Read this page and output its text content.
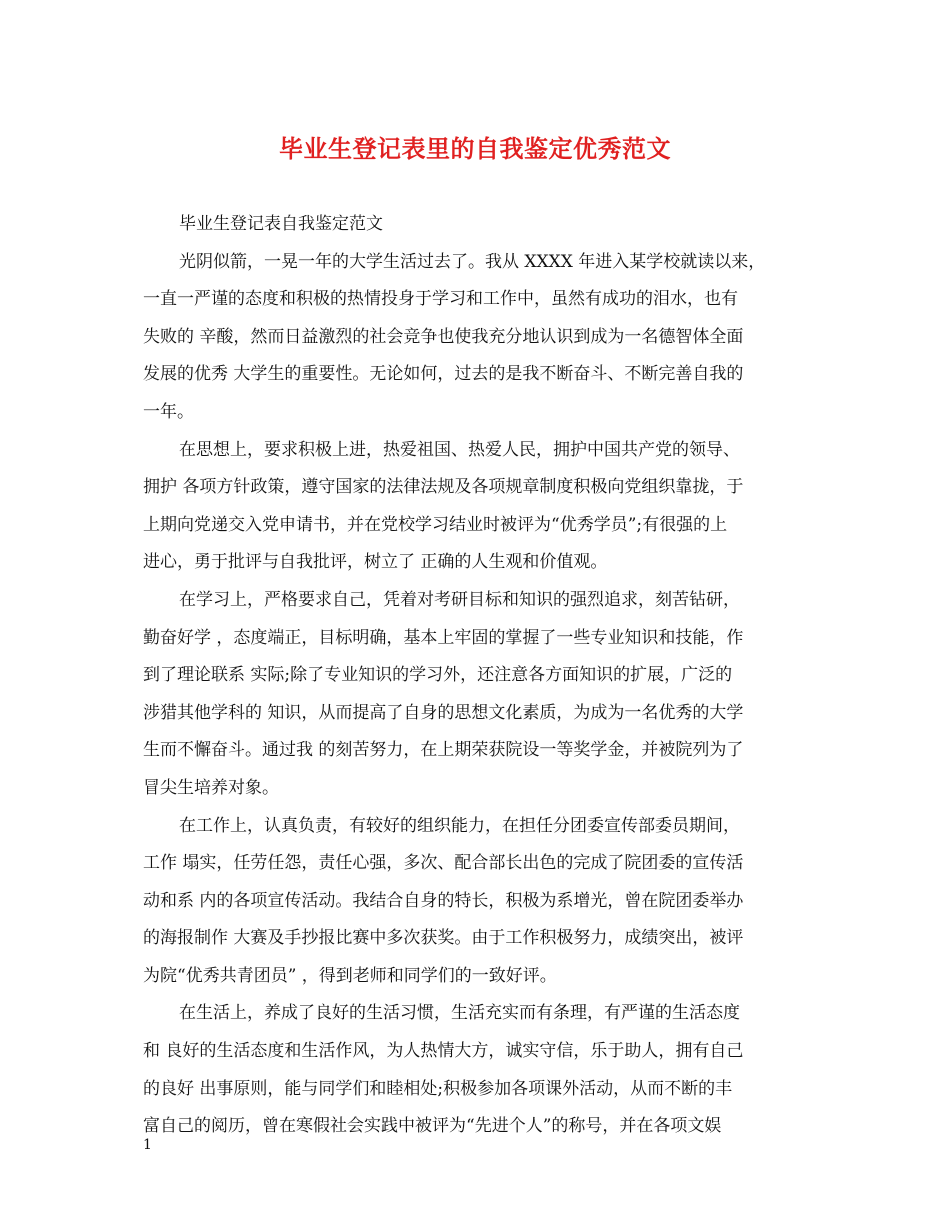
毕业生登记表里的自我鉴定优秀范文
毕业生登记表自我鉴定范文
光阴似箭，一晃一年的大学生活过去了。我从 XXXX 年进入某学校就读以来，
一直一严谨的态度和积极的热情投身于学习和工作中，虽然有成功的泪水，也有
失败的 辛酸，然而日益激烈的社会竞争也使我充分地认识到成为一名德智体全面
发展的优秀 大学生的重要性。无论如何，过去的是我不断奋斗、不断完善自我的
一年。
在思想上，要求积极上进，热爱祖国、热爱人民，拥护中国共产党的领导、
拥护 各项方针政策，遵守国家的法律法规及各项规章制度积极向党组织靠拢，于
上期向党递交入党申请书，并在党校学习结业时被评为“优秀学员”;有很强的上
进心，勇于批评与自我批评，树立了 正确的人生观和价值观。
在学习上，严格要求自己，凭着对考研目标和知识的强烈追求，刻苦钻研，
勤奋好学 ，态度端正，目标明确，基本上牢固的掌握了一些专业知识和技能，作
到了理论联系 实际;除了专业知识的学习外，还注意各方面知识的扩展，广泛的
涉猎其他学科的 知识，从而提高了自身的思想文化素质，为成为一名优秀的大学
生而不懈奋斗。通过我 的刻苦努力，在上期荣获院设一等奖学金，并被院列为了
冒尖生培养对象。
在工作上，认真负责，有较好的组织能力，在担任分团委宣传部委员期间，
工作 塌实，任劳任怨，责任心强，多次、配合部长出色的完成了院团委的宣传活
动和系 内的各项宣传活动。我结合自身的特长，积极为系增光，曾在院团委举办
的海报制作 大赛及手抄报比赛中多次获奖。由于工作积极努力，成绩突出，被评
为院“优秀共青团员” ，得到老师和同学们的一致好评。
在生活上，养成了良好的生活习惯，生活充实而有条理，有严谨的生活态度
和 良好的生活态度和生活作风，为人热情大方，诚实守信，乐于助人，拥有自己
的良好 出事原则，能与同学们和睦相处;积极参加各项课外活动，从而不断的丰
富自己的阅历，曾在寒假社会实践中被评为“先进个人”的称号，并在各项文娱
1
